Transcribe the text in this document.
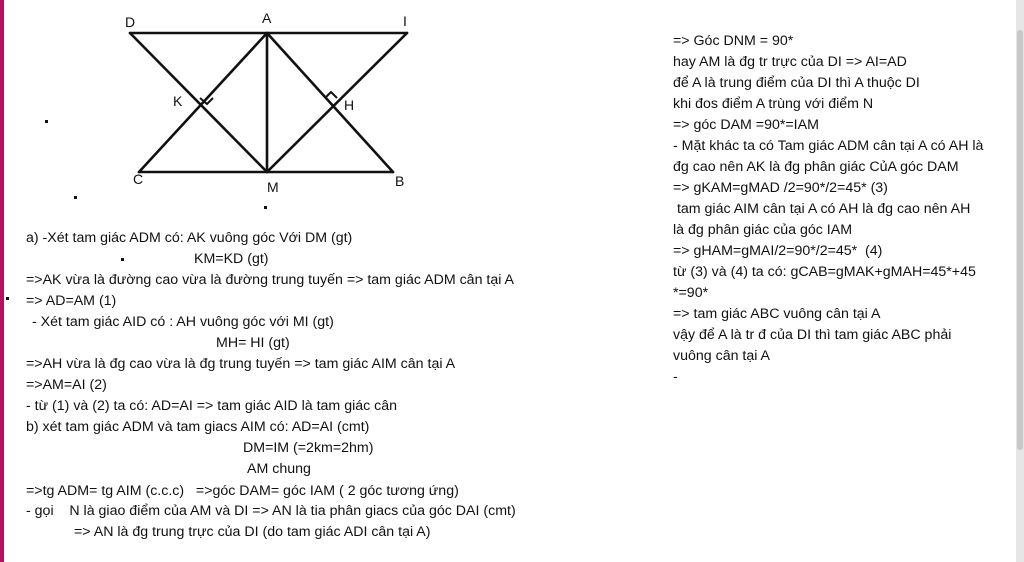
D	A	I
K	H
C	M	B
a) -Xét tam giác ADM có: AK vuông góc Với DM (gt)
KM=KD (gt)
=>AK vừa là đường cao vừa là đường trung tuyến => tam giác ADM cân tại A
=> AD=AM (1)
- Xét tam giác AID có : AH vuông góc với MI (gt)
MH= HI (gt)
=>AH vừa là đg cao vừa là đg trung tuyến => tam giác AIM cân tại A
=>AM=AI (2)
- từ (1) và (2) ta có: AD=AI => tam giác AID là tam giác cân
b) xét tam giác ADM và tam giacs AIM có: AD=AI (cmt)
DM=IM (=2km=2hm)
AM chung
=>tg ADM= tg AIM (c.c.c)   =>góc DAM= góc IAM ( 2 góc tương ứng)
- gọi    N là giao điểm của AM và DI => AN là tia phân giacs của góc DAI (cmt)
=> AN là đg trung trực của DI (do tam giác ADI cân tại A)
=> Góc DNM = 90*
hay AM là đg tr trực của DI => AI=AD
để A là trung điểm của DI thì A thuộc DI
khi đos điểm A trùng với điểm N
=> góc DAM =90*=IAM
- Mặt khác ta có Tam giác ADM cân tại A có AH là
đg cao nên AK là đg phân giác CủA góc DAM
=> gKAM=gMAD /2=90*/2=45* (3)
tam giác AIM cân tại A có AH là đg cao nên AH
là đg phân giác của góc IAM
=> gHAM=gMAI/2=90*/2=45*  (4)
từ (3) và (4) ta có: gCAB=gMAK+gMAH=45*+45
*=90*
=> tam giác ABC vuông cân tại A
vậy để A là tr đ của DI thì tam giác ABC phải
vuông cân tại A
-
